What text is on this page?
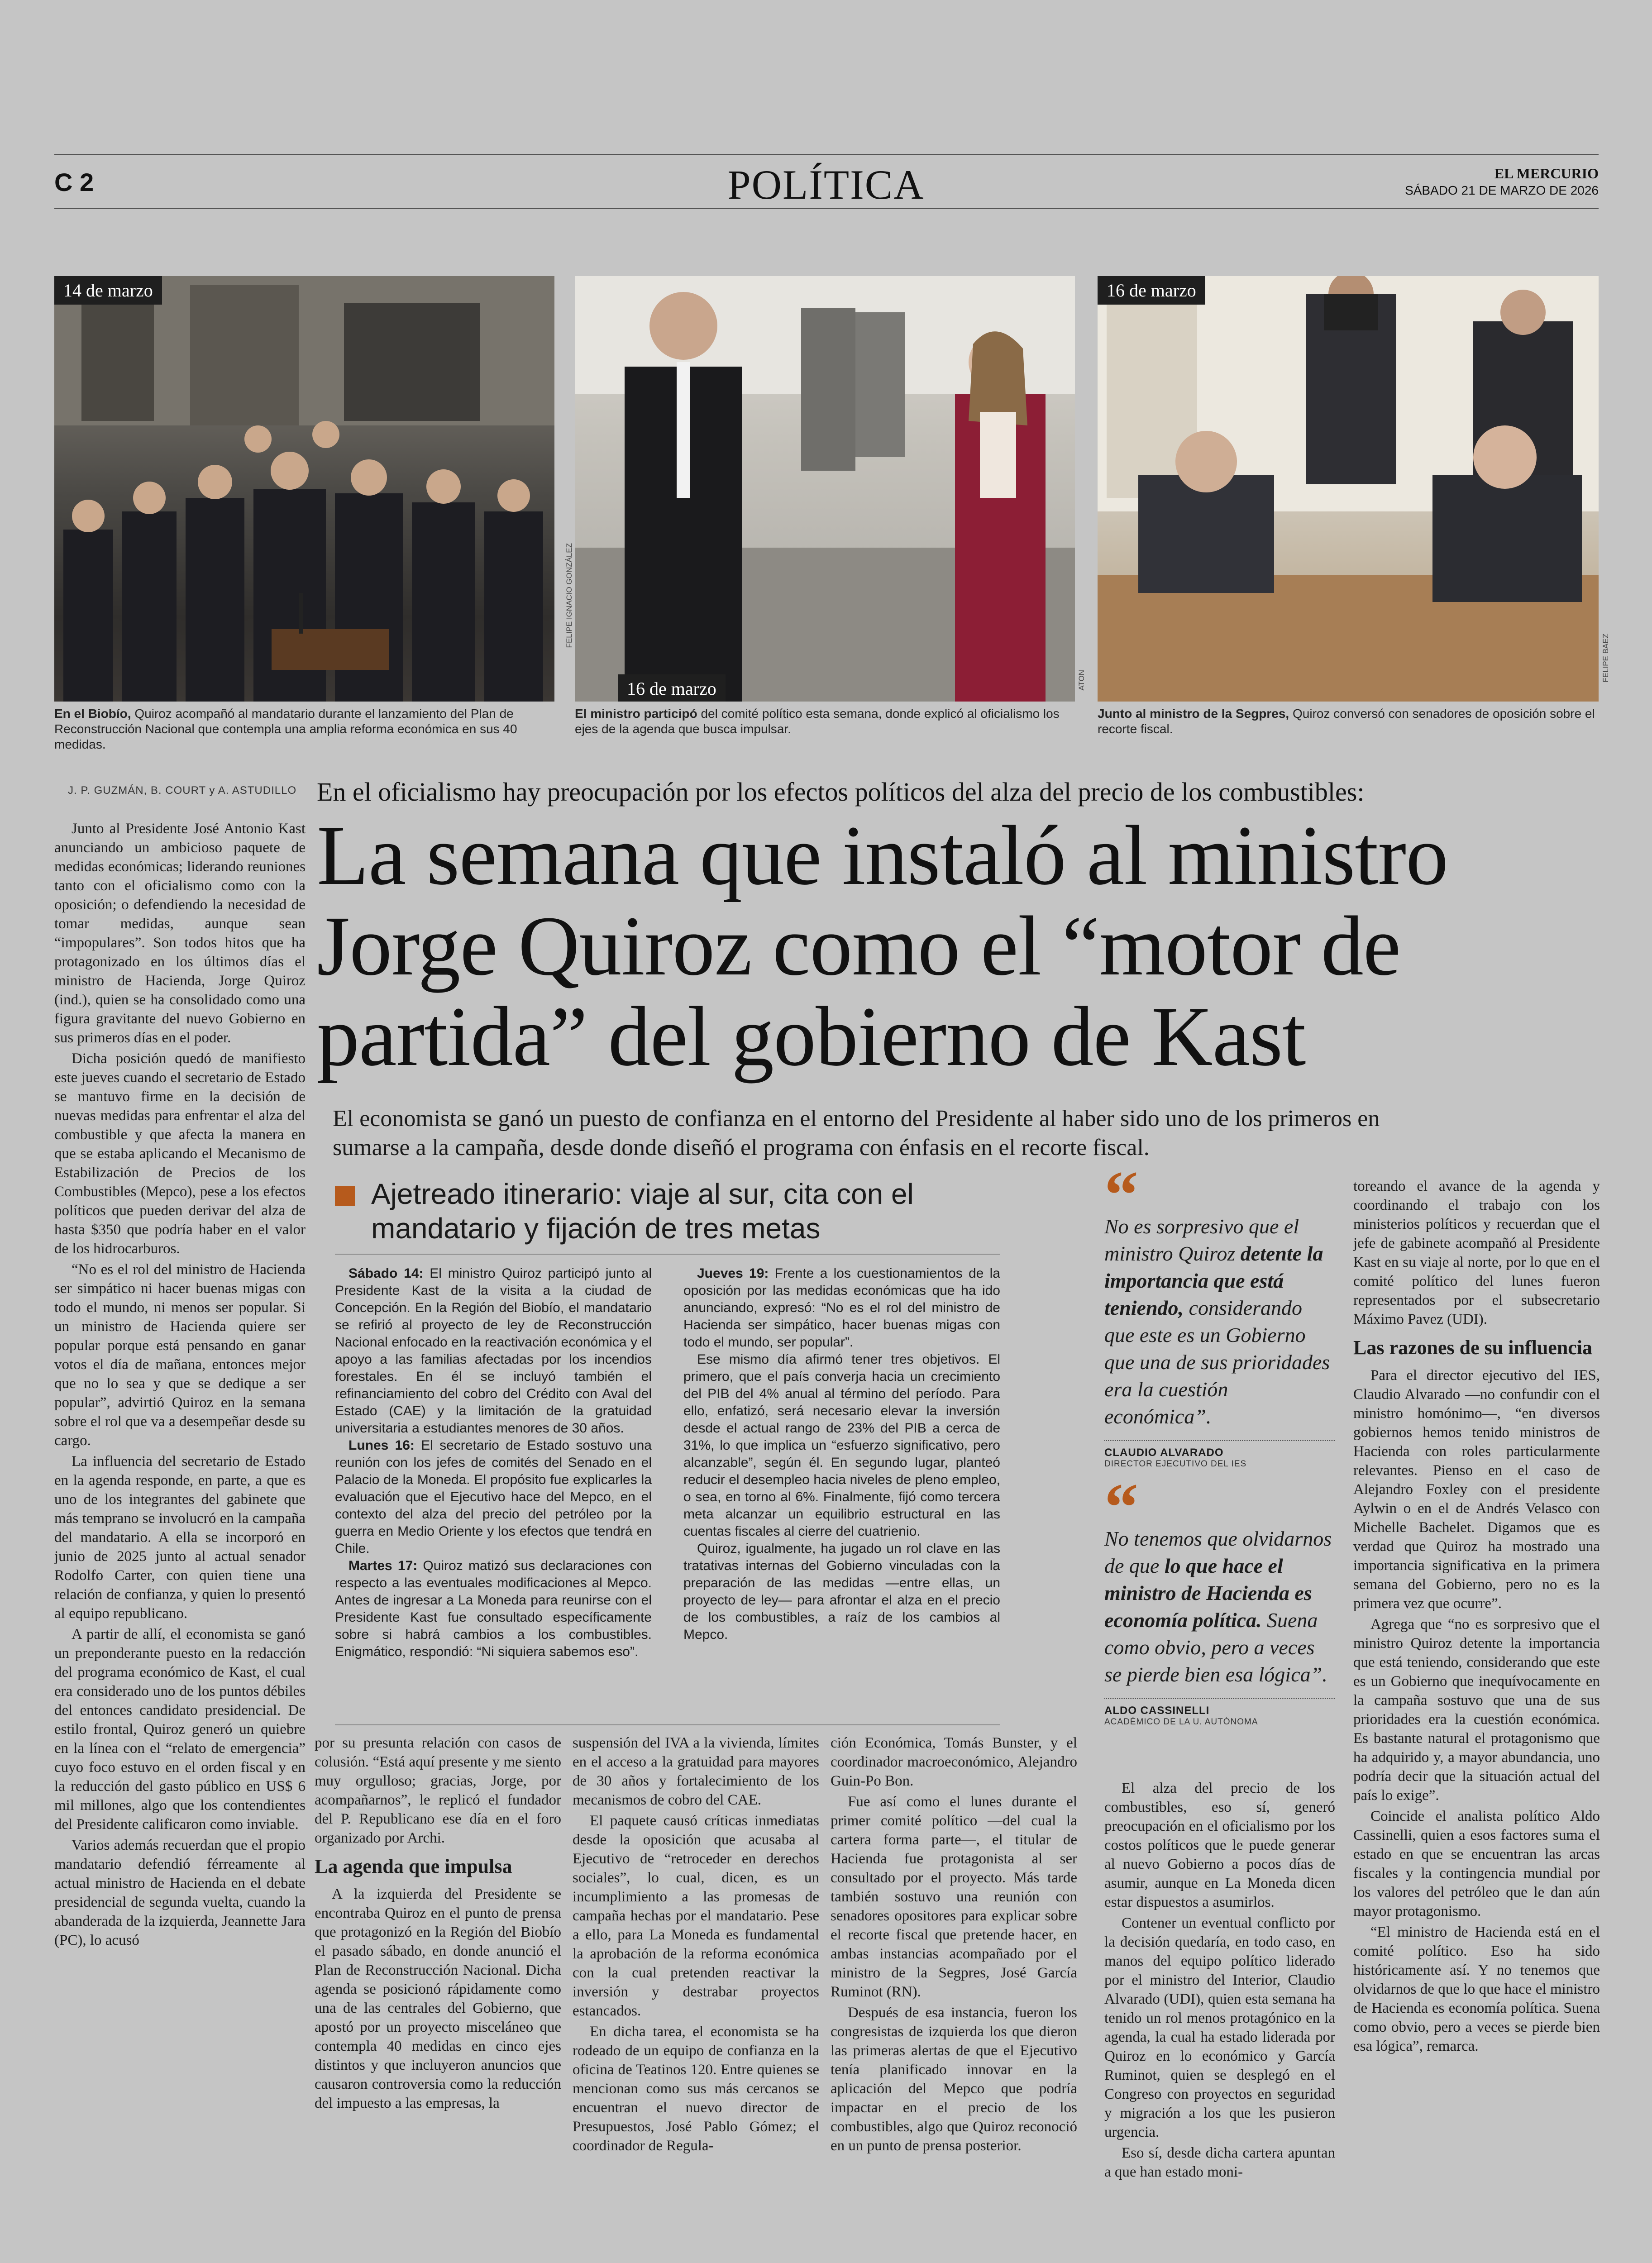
C 2	POLÍTICA	EL MERCURIO
SÁBADO 21 DE MARZO DE 2026
14 de marzo
En el Biobío, Quiroz acompañó al mandatario durante el lanzamiento del Plan de Reconstrucción Nacional que contempla una amplia reforma económica en sus 40 medidas.
16 de marzo
FELIPE IGNACIO GONZÁLEZ
ATON
El ministro participó del comité político esta semana, donde explicó al oficialismo los ejes de la agenda que busca impulsar.
16 de marzo
FELIPE BAEZ
Junto al ministro de la Segpres, Quiroz conversó con senadores de oposición sobre el recorte fiscal.
J. P. GUZMÁN, B. COURT y A. ASTUDILLO

Junto al Presidente José Antonio Kast anunciando un ambicioso paquete de medidas económicas; liderando reuniones tanto con el oficialismo como con la oposición; o defendiendo la necesidad de tomar medidas, aunque sean “impopulares”. Son todos hitos que ha protagonizado en los últimos días el ministro de Hacienda, Jorge Quiroz (ind.), quien se ha consolidado como una figura gravitante del nuevo Gobierno en sus primeros días en el poder.

Dicha posición quedó de manifiesto este jueves cuando el secretario de Estado se mantuvo firme en la decisión de nuevas medidas para enfrentar el alza del combustible y que afecta la manera en que se estaba aplicando el Mecanismo de Estabilización de Precios de los Combustibles (Mepco), pese a los efectos políticos que pueden derivar del alza de hasta $350 que podría haber en el valor de los hidrocarburos.

“No es el rol del ministro de Hacienda ser simpático ni hacer buenas migas con todo el mundo, ni menos ser popular. Si un ministro de Hacienda quiere ser popular porque está pensando en ganar votos el día de mañana, entonces mejor que no lo sea y que se dedique a ser popular”, advirtió Quiroz en la semana sobre el rol que va a desempeñar desde su cargo.

La influencia del secretario de Estado en la agenda responde, en parte, a que es uno de los integrantes del gabinete que más temprano se involucró en la campaña del mandatario. A ella se incorporó en junio de 2025 junto al actual senador Rodolfo Carter, con quien tiene una relación de confianza, y quien lo presentó al equipo republicano.

A partir de allí, el economista se ganó un preponderante puesto en la redacción del programa económico de Kast, el cual era considerado uno de los puntos débiles del entonces candidato presidencial. De estilo frontal, Quiroz generó un quiebre en la línea con el “relato de emergencia” cuyo foco estuvo en el orden fiscal y en la reducción del gasto público en US$ 6 mil millones, algo que los contendientes del Presidente calificaron como inviable.

Varios además recuerdan que el propio mandatario defendió férreamente al actual ministro de Hacienda en el debate presidencial de segunda vuelta, cuando la abanderada de la izquierda, Jeannette Jara (PC), lo acusó

En el oficialismo hay preocupación por los efectos políticos del alza del precio de los combustibles:
La semana que instaló al ministro Jorge Quiroz como el “motor de partida” del gobierno de Kast
El economista se ganó un puesto de confianza en el entorno del Presidente al haber sido uno de los primeros en sumarse a la campaña, desde donde diseñó el programa con énfasis en el recorte fiscal.
Ajetreado itinerario: viaje al sur, cita con el mandatario y fijación de tres metas

Sábado 14: El ministro Quiroz participó junto al Presidente Kast de la visita a la ciudad de Concepción. En la Región del Biobío, el mandatario se refirió al proyecto de ley de Reconstrucción Nacional enfocado en la reactivación económica y el apoyo a las familias afectadas por los incendios forestales. En él se incluyó también el refinanciamiento del cobro del Crédito con Aval del Estado (CAE) y la limitación de la gratuidad universitaria a estudiantes menores de 30 años.

Lunes 16: El secretario de Estado sostuvo una reunión con los jefes de comités del Senado en el Palacio de la Moneda. El propósito fue explicarles la evaluación que el Ejecutivo hace del Mepco, en el contexto del alza del precio del petróleo por la guerra en Medio Oriente y los efectos que tendrá en Chile.

Martes 17: Quiroz matizó sus declaraciones con respecto a las eventuales modificaciones al Mepco. Antes de ingresar a La Moneda para reunirse con el Presidente Kast fue consultado específicamente sobre si habrá cambios a los combustibles. Enigmático, respondió: “Ni siquiera sabemos eso”.

Jueves 19: Frente a los cuestionamientos de la oposición por las medidas económicas que ha ido anunciando, expresó: “No es el rol del ministro de Hacienda ser simpático, hacer buenas migas con todo el mundo, ser popular”.

Ese mismo día afirmó tener tres objetivos. El primero, que el país converja hacia un crecimiento del PIB del 4% anual al término del período. Para ello, enfatizó, será necesario elevar la inversión desde el actual rango de 23% del PIB a cerca de 31%, lo que implica un “esfuerzo significativo, pero alcanzable”, según él. En segundo lugar, planteó reducir el desempleo hacia niveles de pleno empleo, o sea, en torno al 6%. Finalmente, fijó como tercera meta alcanzar un equilibrio estructural en las cuentas fiscales al cierre del cuatrienio.

Quiroz, igualmente, ha jugado un rol clave en las tratativas internas del Gobierno vinculadas con la preparación de las medidas —entre ellas, un proyecto de ley— para afrontar el alza en el precio de los combustibles, a raíz de los cambios al Mepco.

por su presunta relación con casos de colusión. “Está aquí presente y me siento muy orgulloso; gracias, Jorge, por acompañarnos”, le replicó el fundador del P. Republicano ese día en el foro organizado por Archi.

La agenda que impulsa

A la izquierda del Presidente se encontraba Quiroz en el punto de prensa que protagonizó en la Región del Biobío el pasado sábado, en donde anunció el Plan de Reconstrucción Nacional. Dicha agenda se posicionó rápidamente como una de las centrales del Gobierno, que apostó por un proyecto misceláneo que contempla 40 medidas en cinco ejes distintos y que incluyeron anuncios que causaron controversia como la reducción del impuesto a las empresas, la

suspensión del IVA a la vivienda, límites en el acceso a la gratuidad para mayores de 30 años y fortalecimiento de los mecanismos de cobro del CAE.

El paquete causó críticas inmediatas desde la oposición que acusaba al Ejecutivo de “retroceder en derechos sociales”, lo cual, dicen, es un incumplimiento a las promesas de campaña hechas por el mandatario. Pese a ello, para La Moneda es fundamental la aprobación de la reforma económica con la cual pretenden reactivar la inversión y destrabar proyectos estancados.

En dicha tarea, el economista se ha rodeado de un equipo de confianza en la oficina de Teatinos 120. Entre quienes se mencionan como sus más cercanos se encuentran el nuevo director de Presupuestos, José Pablo Gómez; el coordinador de Regula-

ción Económica, Tomás Bunster, y el coordinador macroeconómico, Alejandro Guin-Po Bon.

Fue así como el lunes durante el primer comité político —del cual la cartera forma parte—, el titular de Hacienda fue protagonista al ser consultado por el proyecto. Más tarde también sostuvo una reunión con senadores opositores para explicar sobre el recorte fiscal que pretende hacer, en ambas instancias acompañado por el ministro de la Segpres, José García Ruminot (RN).

Después de esa instancia, fueron los congresistas de izquierda los que dieron las primeras alertas de que el Ejecutivo tenía planificado innovar en la aplicación del Mepco que podría impactar en el precio de los combustibles, algo que Quiroz reconoció en un punto de prensa posterior.

“
No es sorpresivo que el ministro Quiroz detente la importancia que está teniendo, considerando que este es un Gobierno que una de sus prioridades era la cuestión económica”.
CLAUDIO ALVARADO
DIRECTOR EJECUTIVO DEL IES
“
No tenemos que olvidarnos de que lo que hace el ministro de Hacienda es economía política. Suena como obvio, pero a veces se pierde bien esa lógica”.
ALDO CASSINELLI
ACADÉMICO DE LA U. AUTÓNOMA

El alza del precio de los combustibles, eso sí, generó preocupación en el oficialismo por los costos políticos que le puede generar al nuevo Gobierno a pocos días de asumir, aunque en La Moneda dicen estar dispuestos a asumirlos.

Contener un eventual conflicto por la decisión quedaría, en todo caso, en manos del equipo político liderado por el ministro del Interior, Claudio Alvarado (UDI), quien esta semana ha tenido un rol menos protagónico en la agenda, la cual ha estado liderada por Quiroz en lo económico y García Ruminot, quien se desplegó en el Congreso con proyectos en seguridad y migración a los que les pusieron urgencia.

Eso sí, desde dicha cartera apuntan a que han estado moni-

toreando el avance de la agenda y coordinando el trabajo con los ministerios políticos y recuerdan que el jefe de gabinete acompañó al Presidente Kast en su viaje al norte, por lo que en el comité político del lunes fueron representados por el subsecretario Máximo Pavez (UDI).

Las razones de su influencia

Para el director ejecutivo del IES, Claudio Alvarado —no confundir con el ministro homónimo—, “en diversos gobiernos hemos tenido ministros de Hacienda con roles particularmente relevantes. Pienso en el caso de Alejandro Foxley con el presidente Aylwin o en el de Andrés Velasco con Michelle Bachelet. Digamos que es verdad que Quiroz ha mostrado una importancia significativa en la primera semana del Gobierno, pero no es la primera vez que ocurre”.

Agrega que “no es sorpresivo que el ministro Quiroz detente la importancia que está teniendo, considerando que este es un Gobierno que inequívocamente en la campaña sostuvo que una de sus prioridades era la cuestión económica. Es bastante natural el protagonismo que ha adquirido y, a mayor abundancia, uno podría decir que la situación actual del país lo exige”.

Coincide el analista político Aldo Cassinelli, quien a esos factores suma el estado en que se encuentran las arcas fiscales y la contingencia mundial por los valores del petróleo que le dan aún mayor protagonismo.

“El ministro de Hacienda está en el comité político. Eso ha sido históricamente así. Y no tenemos que olvidarnos de que lo que hace el ministro de Hacienda es economía política. Suena como obvio, pero a veces se pierde bien esa lógica”, remarca.
